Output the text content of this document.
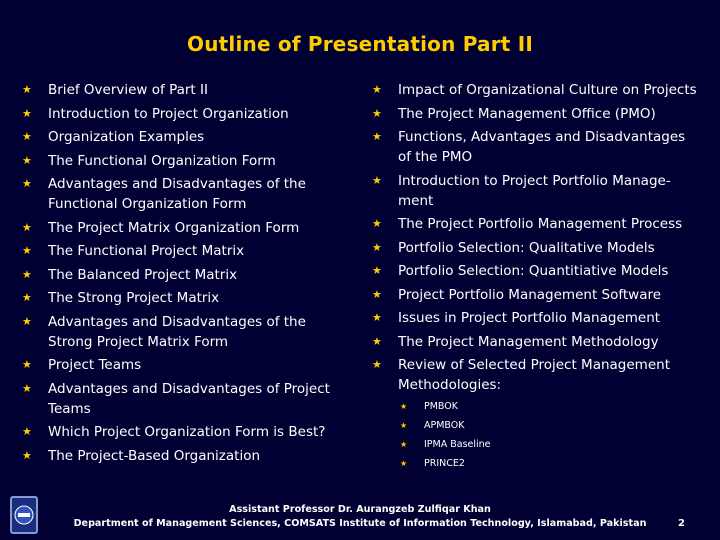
Outline of Presentation Part II
★	Brief Overview of Part II
★	Introduction to Project Organization
★	Organization Examples
★	The Functional Organization Form
★	Advantages and Disadvantages of the Functional Organization Form
★	The Project Matrix Organization Form
★	The Functional Project Matrix
★	The Balanced Project Matrix
★	The Strong Project Matrix
★	Advantages and Disadvantages of the Strong Project Matrix Form
★	Project Teams
★	Advantages and Disadvantages of Project Teams
★	Which Project Organization Form is Best?
★	The Project-Based Organization
★	Impact of Organizational Culture on Projects
★	The Project Management Office (PMO)
★	Functions, Advantages and Disadvantages of the PMO
★	Introduction to Project Portfolio Manage-ment
★	The Project Portfolio Management Process
★	Portfolio Selection: Qualitative Models
★	Portfolio Selection: Quantitiative Models
★	Project Portfolio Management Software
★	Issues in Project Portfolio Management
★	The Project Management Methodology
★	Review of Selected Project Management Methodologies:
★	PMBOK
★	APMBOK
★	IPMA Baseline
★	PRINCE2
Assistant Professor Dr. Aurangzeb Zulfiqar Khan
Department of Management Sciences, COMSATS Institute of Information Technology, Islamabad, Pakistan	2
